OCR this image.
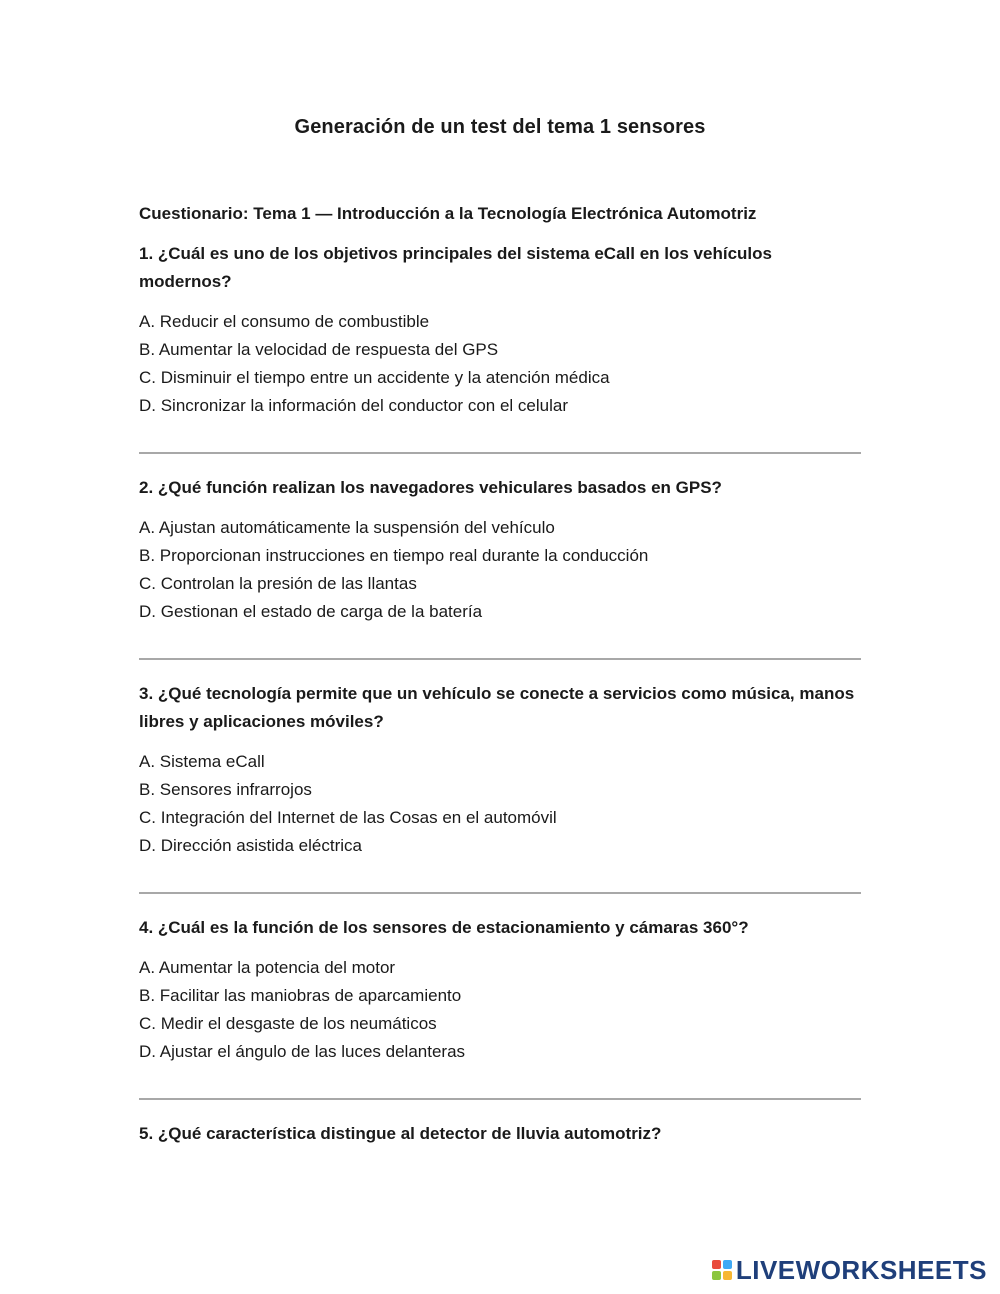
Generación de un test del tema 1 sensores
Cuestionario: Tema 1 — Introducción a la Tecnología Electrónica Automotriz
1. ¿Cuál es uno de los objetivos principales del sistema eCall en los vehículos modernos?
A. Reducir el consumo de combustible
B. Aumentar la velocidad de respuesta del GPS
C. Disminuir el tiempo entre un accidente y la atención médica
D. Sincronizar la información del conductor con el celular
2. ¿Qué función realizan los navegadores vehiculares basados en GPS?
A. Ajustan automáticamente la suspensión del vehículo
B. Proporcionan instrucciones en tiempo real durante la conducción
C. Controlan la presión de las llantas
D. Gestionan el estado de carga de la batería
3. ¿Qué tecnología permite que un vehículo se conecte a servicios como música, manos libres y aplicaciones móviles?
A. Sistema eCall
B. Sensores infrarrojos
C. Integración del Internet de las Cosas en el automóvil
D. Dirección asistida eléctrica
4. ¿Cuál es la función de los sensores de estacionamiento y cámaras 360°?
A. Aumentar la potencia del motor
B. Facilitar las maniobras de aparcamiento
C. Medir el desgaste de los neumáticos
D. Ajustar el ángulo de las luces delanteras
5. ¿Qué característica distingue al detector de lluvia automotriz?
LIVEWORKSHEETS
